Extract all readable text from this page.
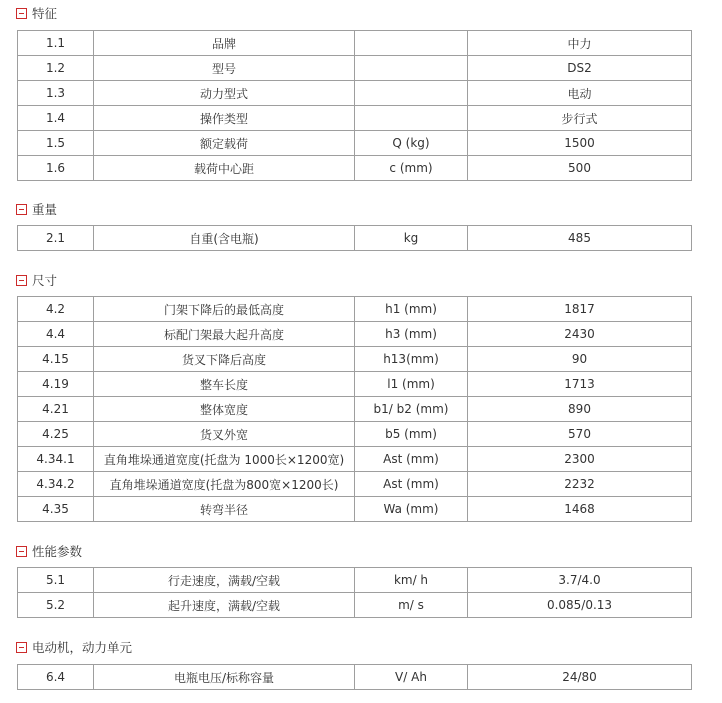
特征
1.1	品牌		中力
1.2	型号		DS2
1.3	动力型式		电动
1.4	操作类型		步行式
1.5	额定载荷	Q (kg)	1500
1.6	载荷中心距	c (mm)	500
重量
2.1	自重(含电瓶)	kg	485
尺寸
4.2	门架下降后的最低高度	h1 (mm)	1817
4.4	标配门架最大起升高度	h3 (mm)	2430
4.15	货叉下降后高度	h13(mm)	90
4.19	整车长度	l1 (mm)	1713
4.21	整体宽度	b1/ b2 (mm)	890
4.25	货叉外宽	b5 (mm)	570
4.34.1	直角堆垛通道宽度(托盘为 1000长×1200宽)	Ast (mm)	2300
4.34.2	直角堆垛通道宽度(托盘为800宽×1200长)	Ast (mm)	2232
4.35	转弯半径	Wa (mm)	1468
性能参数
5.1	行走速度，满载/空载	km/ h	3.7/4.0
5.2	起升速度，满载/空载	m/ s	0.085/0.13
电动机，动力单元
6.4	电瓶电压/标称容量	V/ Ah	24/80
